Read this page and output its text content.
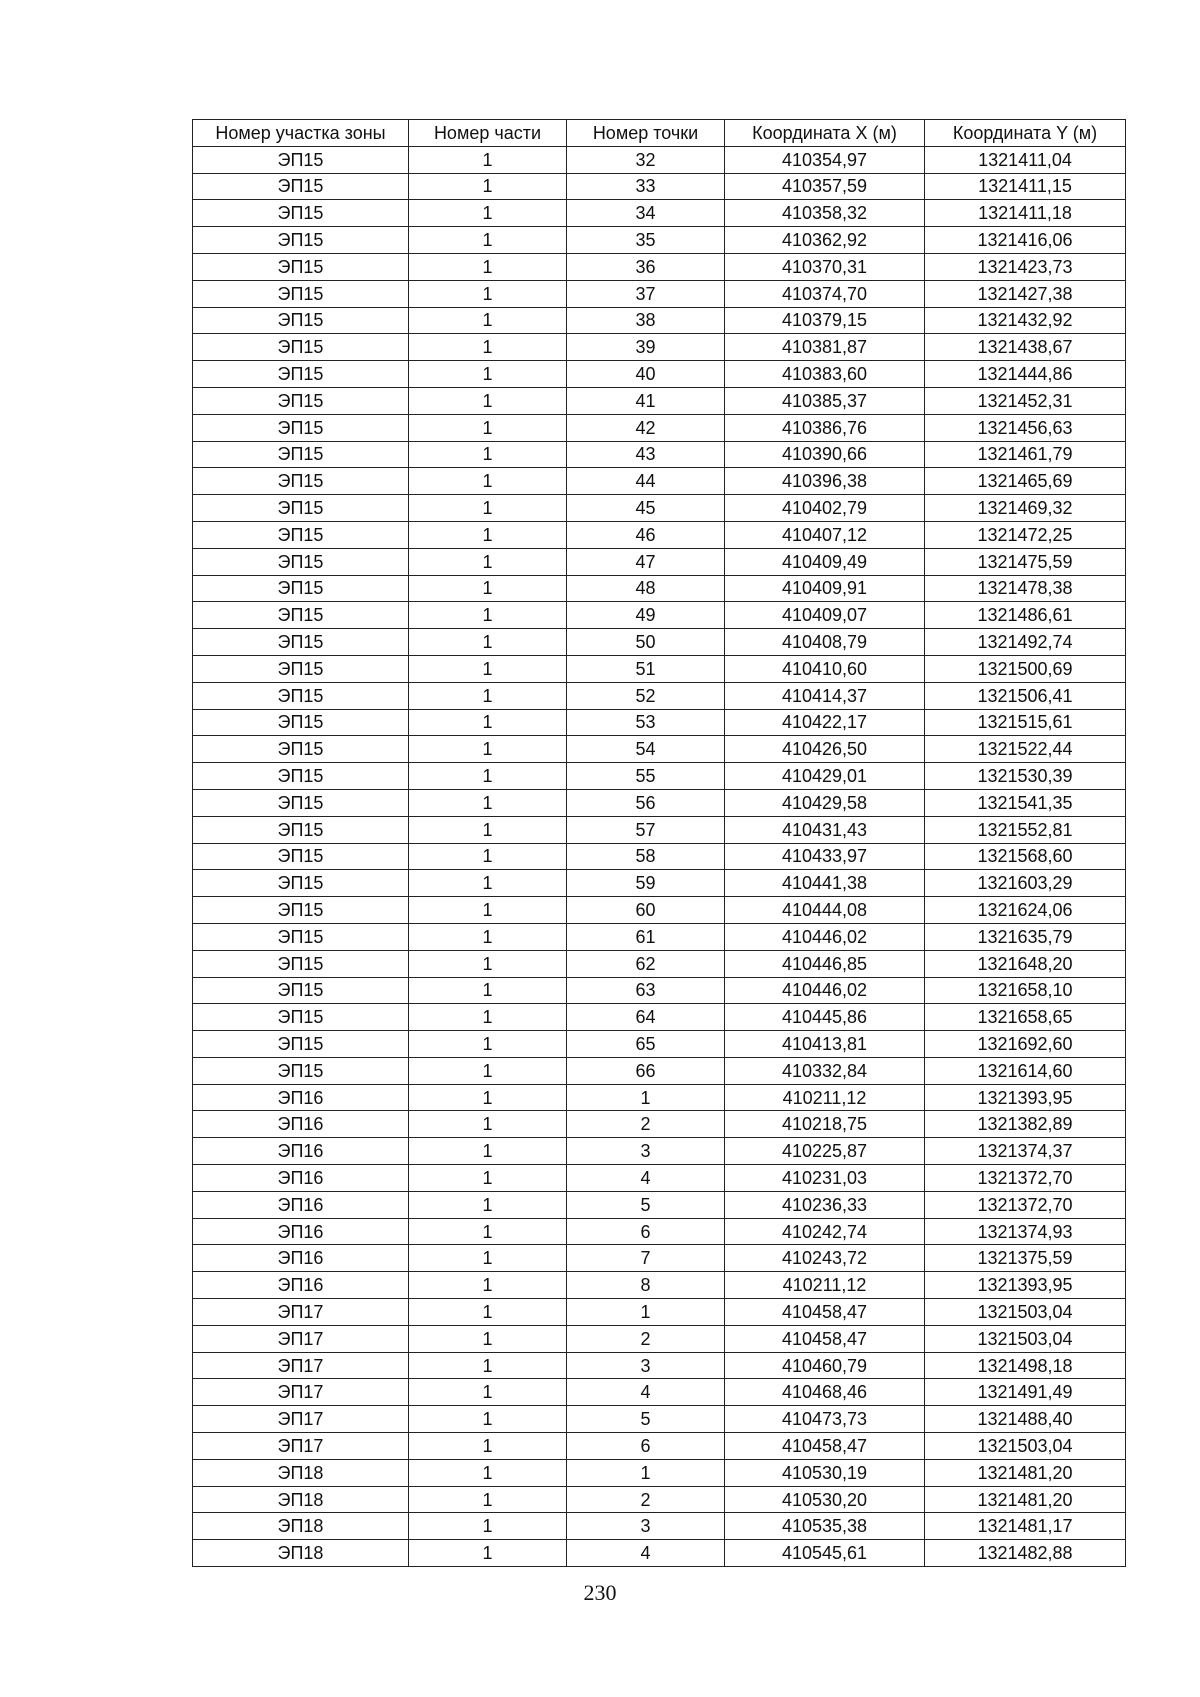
Номер участка зоны	Номер части	Номер точки	Координата X (м)	Координата Y (м)
ЭП15	1	32	410354,97	1321411,04
ЭП15	1	33	410357,59	1321411,15
ЭП15	1	34	410358,32	1321411,18
ЭП15	1	35	410362,92	1321416,06
ЭП15	1	36	410370,31	1321423,73
ЭП15	1	37	410374,70	1321427,38
ЭП15	1	38	410379,15	1321432,92
ЭП15	1	39	410381,87	1321438,67
ЭП15	1	40	410383,60	1321444,86
ЭП15	1	41	410385,37	1321452,31
ЭП15	1	42	410386,76	1321456,63
ЭП15	1	43	410390,66	1321461,79
ЭП15	1	44	410396,38	1321465,69
ЭП15	1	45	410402,79	1321469,32
ЭП15	1	46	410407,12	1321472,25
ЭП15	1	47	410409,49	1321475,59
ЭП15	1	48	410409,91	1321478,38
ЭП15	1	49	410409,07	1321486,61
ЭП15	1	50	410408,79	1321492,74
ЭП15	1	51	410410,60	1321500,69
ЭП15	1	52	410414,37	1321506,41
ЭП15	1	53	410422,17	1321515,61
ЭП15	1	54	410426,50	1321522,44
ЭП15	1	55	410429,01	1321530,39
ЭП15	1	56	410429,58	1321541,35
ЭП15	1	57	410431,43	1321552,81
ЭП15	1	58	410433,97	1321568,60
ЭП15	1	59	410441,38	1321603,29
ЭП15	1	60	410444,08	1321624,06
ЭП15	1	61	410446,02	1321635,79
ЭП15	1	62	410446,85	1321648,20
ЭП15	1	63	410446,02	1321658,10
ЭП15	1	64	410445,86	1321658,65
ЭП15	1	65	410413,81	1321692,60
ЭП15	1	66	410332,84	1321614,60
ЭП16	1	1	410211,12	1321393,95
ЭП16	1	2	410218,75	1321382,89
ЭП16	1	3	410225,87	1321374,37
ЭП16	1	4	410231,03	1321372,70
ЭП16	1	5	410236,33	1321372,70
ЭП16	1	6	410242,74	1321374,93
ЭП16	1	7	410243,72	1321375,59
ЭП16	1	8	410211,12	1321393,95
ЭП17	1	1	410458,47	1321503,04
ЭП17	1	2	410458,47	1321503,04
ЭП17	1	3	410460,79	1321498,18
ЭП17	1	4	410468,46	1321491,49
ЭП17	1	5	410473,73	1321488,40
ЭП17	1	6	410458,47	1321503,04
ЭП18	1	1	410530,19	1321481,20
ЭП18	1	2	410530,20	1321481,20
ЭП18	1	3	410535,38	1321481,17
ЭП18	1	4	410545,61	1321482,88
230
